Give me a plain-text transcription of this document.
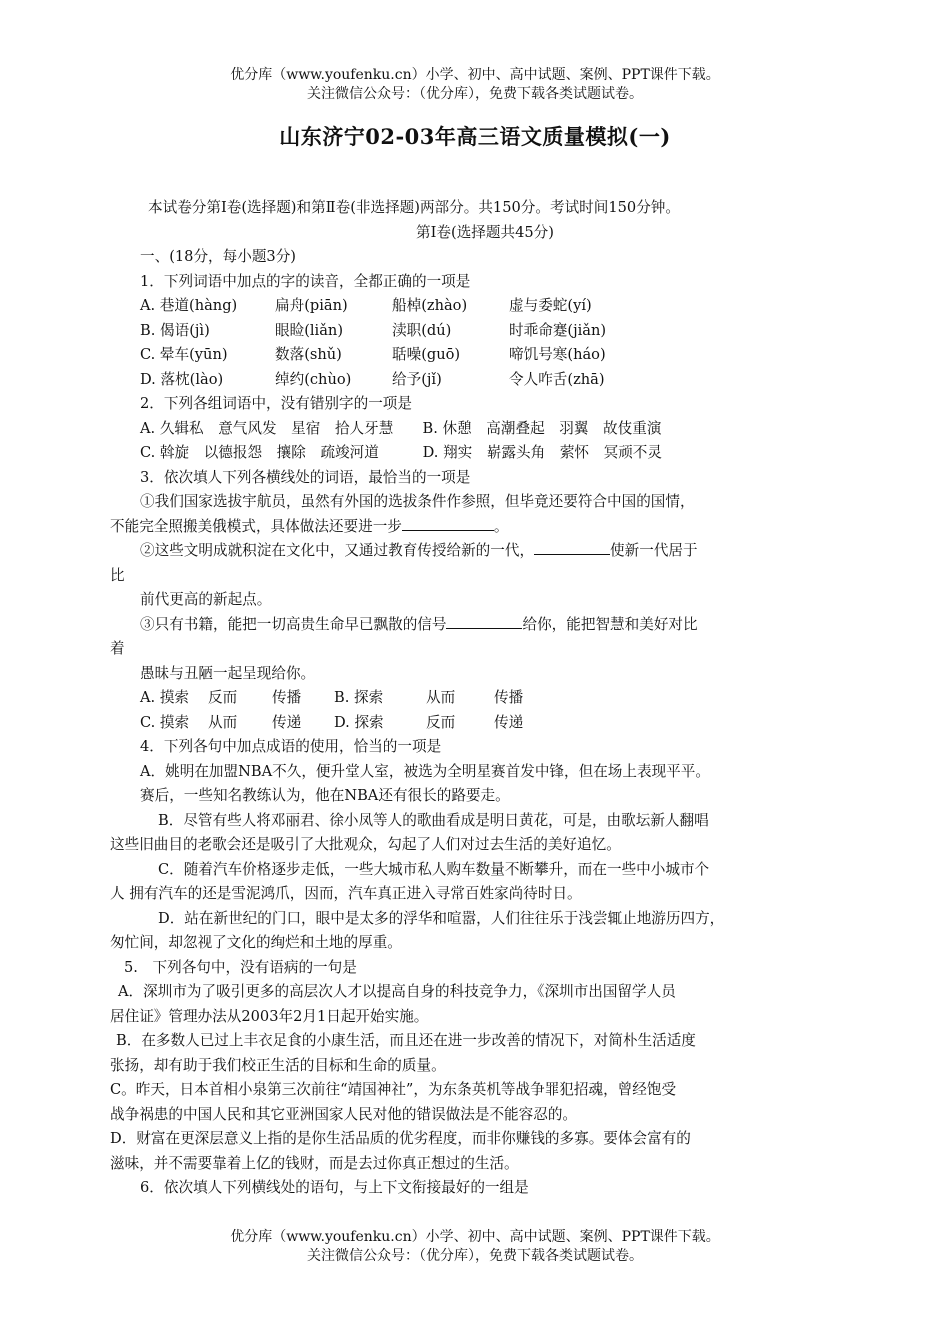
优分库（www.youfenku.cn）小学、初中、高中试题、案例、PPT课件下载。
关注微信公众号：（优分库），免费下载各类试题试卷。
山东济宁02-03年高三语文质量模拟(一)
本试卷分第Ⅰ卷(选择题)和第Ⅱ卷(非选择题)两部分。共150分。考试时间150分钟。
第Ⅰ卷(选择题共45分)
一、(18分，每小题3分)
1．下列词语中加点的字的读音，全都正确的一项是
A. 巷道(hàng)	扁舟(piān)	船棹(zhào)	虚与委蛇(yí)
B. 偈语(jì)	眼睑(liǎn)	渎职(dú)	时乖命蹇(jiǎn)
C. 晕车(yūn)	数落(shǔ)	聒噪(guō)	啼饥号寒(háo)
D. 落枕(lào)	绰约(chùo)	给予(jǐ)	令人咋舌(zhā)
2．下列各组词语中，没有错别字的一项是
A. 久辑私　意气风发　星宿　拾人牙慧　　B. 休憩　高潮叠起　羽翼　故伎重演
C. 斡旋　以德报怨　攘除　疏竣河道　　　D. 翔实　崭露头角　萦怀　冥顽不灵
3．依次填人下列各横线处的词语，最恰当的一项是
①我们国家选拔宇航员，虽然有外国的选拔条件作参照，但毕竟还要符合中国的国情，
不能完全照搬美俄模式，具体做法还要进一步	。
②这些文明成就积淀在文化中，又通过教育传授给新的一代，	使新一代居于
比
前代更高的新起点。
③只有书籍，能把一切高贵生命早已飘散的信号	给你，能把智慧和美好对比
着
愚昧与丑陋一起呈现给你。
A. 摸索 反而 传播 B. 探索	从而	传播
C. 摸索 从而 传递 D. 探索	反而	传递
4．下列各句中加点成语的使用，恰当的一项是
A．姚明在加盟NBA不久，便升堂人室，被选为全明星赛首发中锋，但在场上表现平平。
赛后，一些知名教练认为，他在NBA还有很长的路要走。
B．尽管有些人将邓丽君、徐小凤等人的歌曲看成是明日黄花，可是，由歌坛新人翻唱
这些旧曲目的老歌会还是吸引了大批观众，勾起了人们对过去生活的美好追忆。
C．随着汽车价格逐步走低，一些大城市私人购车数量不断攀升，而在一些中小城市个
人 拥有汽车的还是雪泥鸿爪，因而，汽车真正进入寻常百姓家尚待时日。
D．站在新世纪的门口，眼中是太多的浮华和喧嚣，人们往往乐于浅尝辄止地游历四方，
匆忙间，却忽视了文化的绚烂和土地的厚重。
5.　下列各句中，没有语病的一句是
A．深圳市为了吸引更多的高层次人才以提高自身的科技竞争力，《深圳市出国留学人员
居住证》管理办法从2003年2月1日起开始实施。
B．在多数人已过上丰衣足食的小康生活，而且还在进一步改善的情况下，对简朴生活适度
张扬，却有助于我们校正生活的目标和生命的质量。
C。昨天，日本首相小泉第三次前往“靖国神社”，为东条英机等战争罪犯招魂，曾经饱受
战争祸患的中国人民和其它亚洲国家人民对他的错误做法是不能容忍的。
D．财富在更深层意义上指的是你生活品质的优劣程度，而非你赚钱的多寡。要体会富有的
滋味，并不需要靠着上亿的钱财，而是去过你真正想过的生活。
6．依次填人下列横线处的语句，与上下文衔接最好的一组是
优分库（www.youfenku.cn）小学、初中、高中试题、案例、PPT课件下载。
关注微信公众号：（优分库），免费下载各类试题试卷。
